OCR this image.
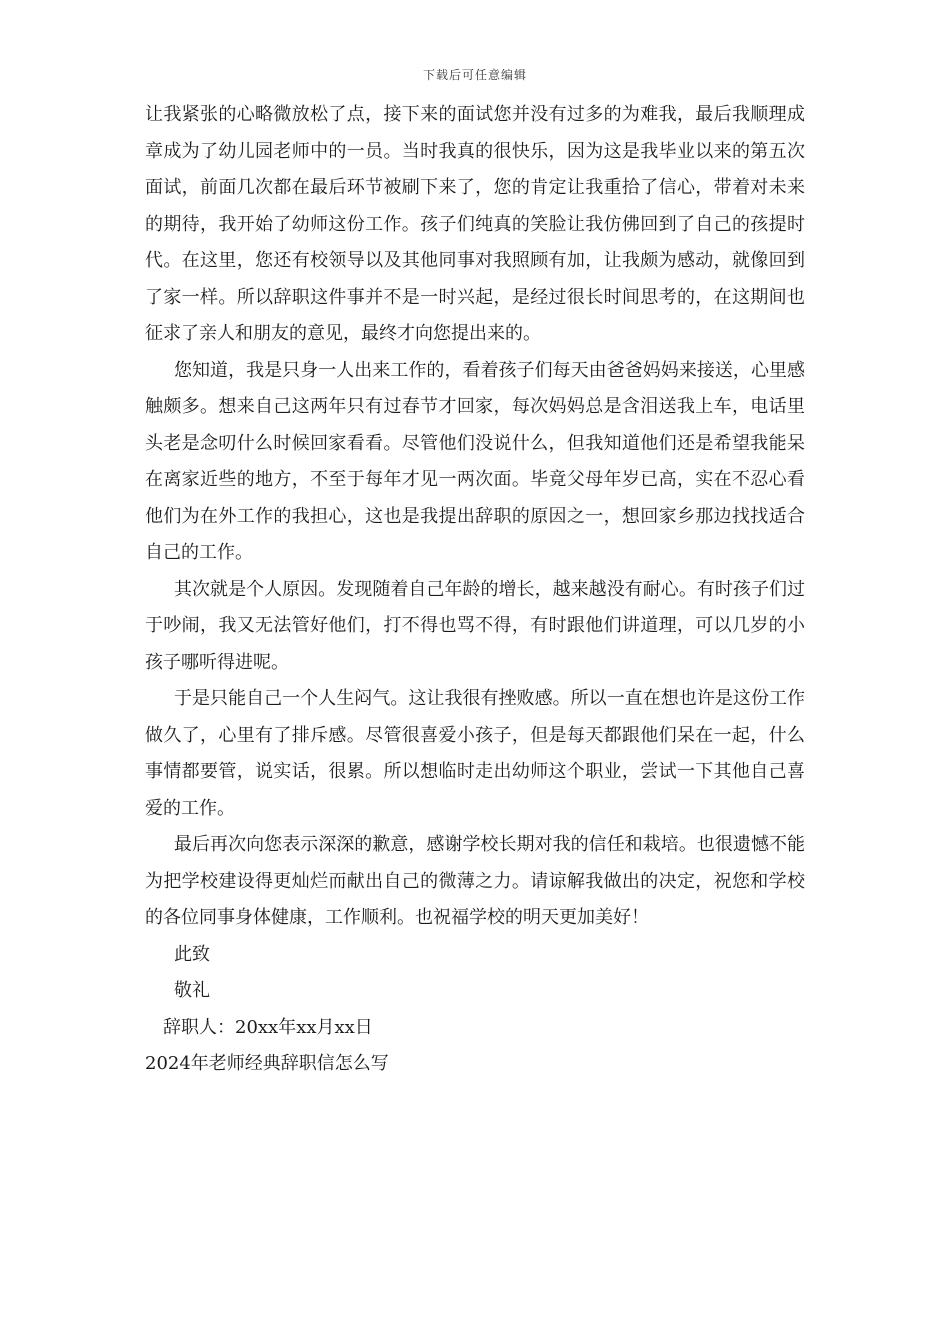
下载后可任意编辑

让我紧张的心略微放松了点，接下来的面试您并没有过多的为难我，最后我顺理成章成为了幼儿园老师中的一员。当时我真的很快乐，因为这是我毕业以来的第五次面试，前面几次都在最后环节被刷下来了，您的肯定让我重拾了信心，带着对未来的期待，我开始了幼师这份工作。孩子们纯真的笑脸让我仿佛回到了自己的孩提时代。在这里，您还有校领导以及其他同事对我照顾有加，让我颇为感动，就像回到了家一样。所以辞职这件事并不是一时兴起，是经过很长时间思考的，在这期间也征求了亲人和朋友的意见，最终才向您提出来的。

您知道，我是只身一人出来工作的，看着孩子们每天由爸爸妈妈来接送，心里感触颇多。想来自己这两年只有过春节才回家，每次妈妈总是含泪送我上车，电话里头老是念叨什么时候回家看看。尽管他们没说什么，但我知道他们还是希望我能呆在离家近些的地方，不至于每年才见一两次面。毕竟父母年岁已高，实在不忍心看他们为在外工作的我担心，这也是我提出辞职的原因之一，想回家乡那边找找适合自己的工作。

其次就是个人原因。发现随着自己年龄的增长，越来越没有耐心。有时孩子们过于吵闹，我又无法管好他们，打不得也骂不得，有时跟他们讲道理，可以几岁的小孩子哪听得进呢。

于是只能自己一个人生闷气。这让我很有挫败感。所以一直在想也许是这份工作做久了，心里有了排斥感。尽管很喜爱小孩子，但是每天都跟他们呆在一起，什么事情都要管，说实话，很累。所以想临时走出幼师这个职业，尝试一下其他自己喜爱的工作。

最后再次向您表示深深的歉意，感谢学校长期对我的信任和栽培。也很遗憾不能为把学校建设得更灿烂而献出自己的微薄之力。请谅解我做出的决定，祝您和学校的各位同事身体健康，工作顺利。也祝福学校的明天更加美好！

此致

敬礼

辞职人：20xx年xx月xx日

2024年老师经典辞职信怎么写
